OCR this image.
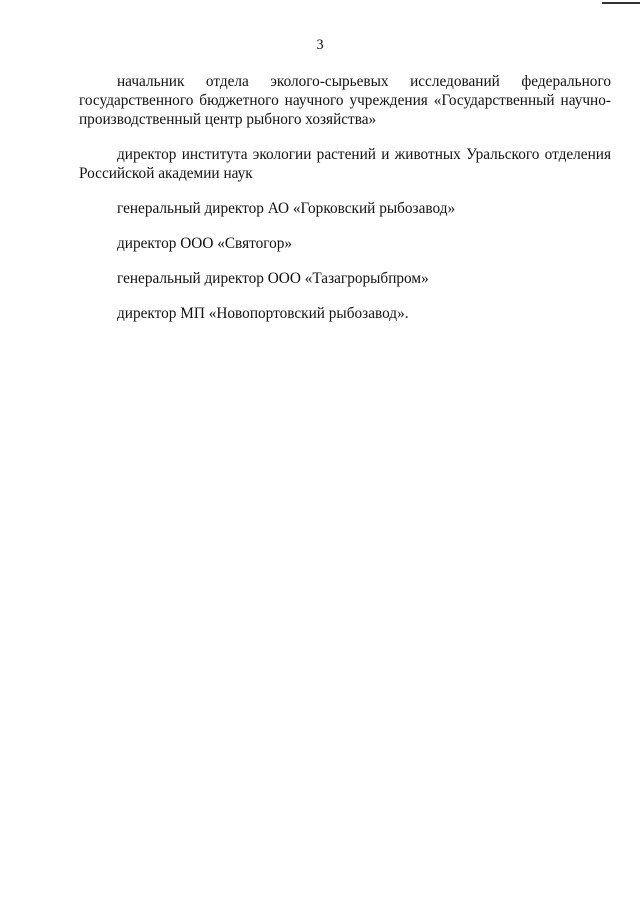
3

начальник отдела эколого-сырьевых исследований федерального государственного бюджетного научного учреждения «Государственный научно-производственный центр рыбного хозяйства»

директор института экологии растений и животных Уральского отделения Российской академии наук

генеральный директор АО «Горковский рыбозавод»

директор ООО «Святогор»

генеральный директор ООО «Тазагрорыбпром»

директор МП «Новопортовский рыбозавод».
